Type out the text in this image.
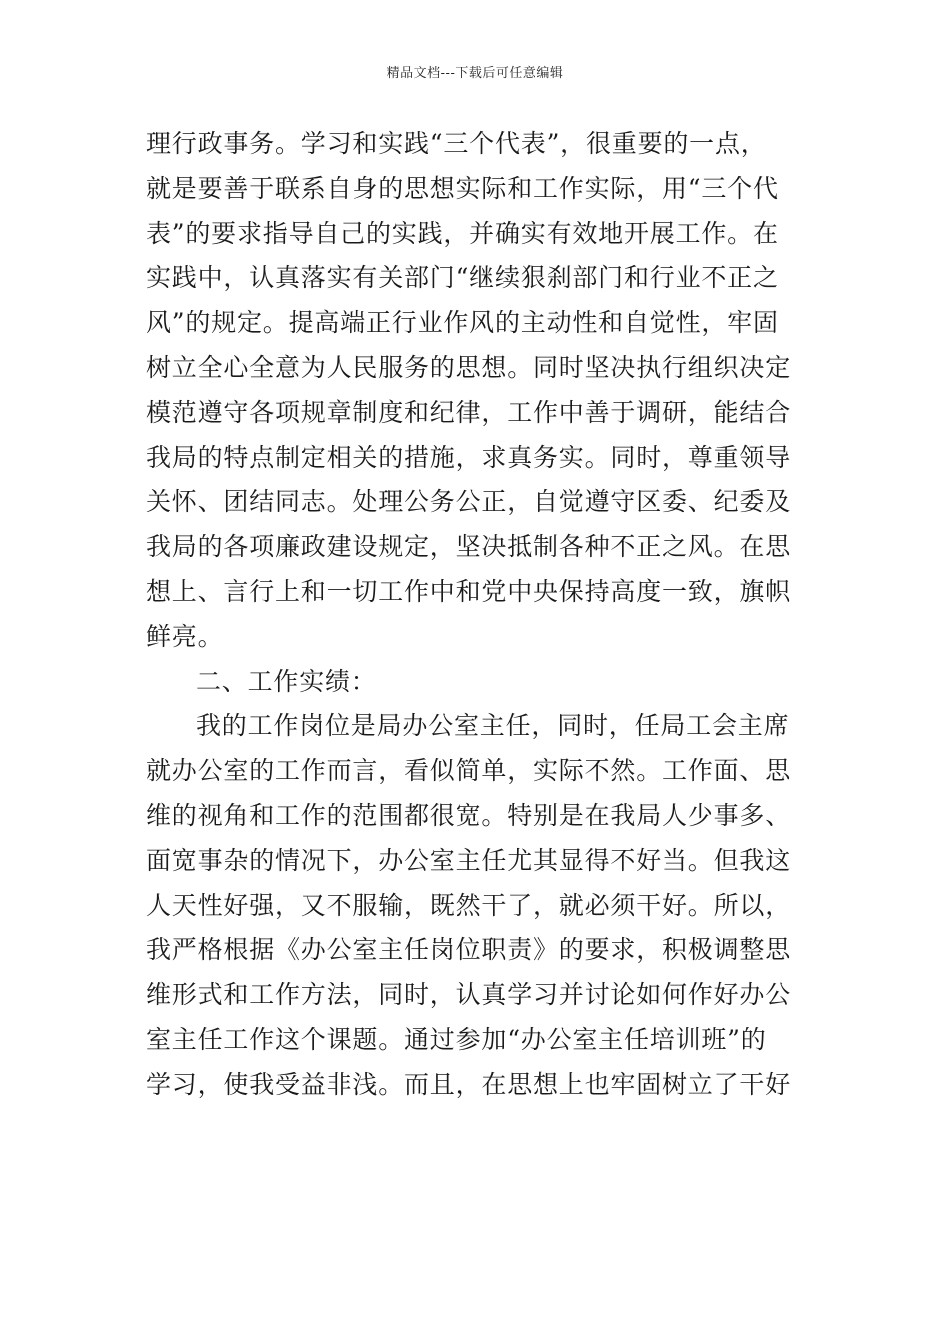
精品文档---下载后可任意编辑
理行政事务。学习和实践“三个代表”，很重要的一点，
就是要善于联系自身的思想实际和工作实际，用“三个代
表”的要求指导自己的实践，并确实有效地开展工作。在
实践中，认真落实有关部门“继续狠刹部门和行业不正之
风”的规定。提高端正行业作风的主动性和自觉性，牢固
树立全心全意为人民服务的思想。同时坚决执行组织决定
模范遵守各项规章制度和纪律，工作中善于调研，能结合
我局的特点制定相关的措施，求真务实。同时，尊重领导
关怀、团结同志。处理公务公正，自觉遵守区委、纪委及
我局的各项廉政建设规定，坚决抵制各种不正之风。在思
想上、言行上和一切工作中和党中央保持高度一致，旗帜
鲜亮。
二、工作实绩：
我的工作岗位是局办公室主任，同时，任局工会主席
就办公室的工作而言，看似简单，实际不然。工作面、思
维的视角和工作的范围都很宽。特别是在我局人少事多、
面宽事杂的情况下，办公室主任尤其显得不好当。但我这
人天性好强，又不服输，既然干了，就必须干好。所以，
我严格根据《办公室主任岗位职责》的要求，积极调整思
维形式和工作方法，同时，认真学习并讨论如何作好办公
室主任工作这个课题。通过参加“办公室主任培训班”的
学习，使我受益非浅。而且，在思想上也牢固树立了干好
